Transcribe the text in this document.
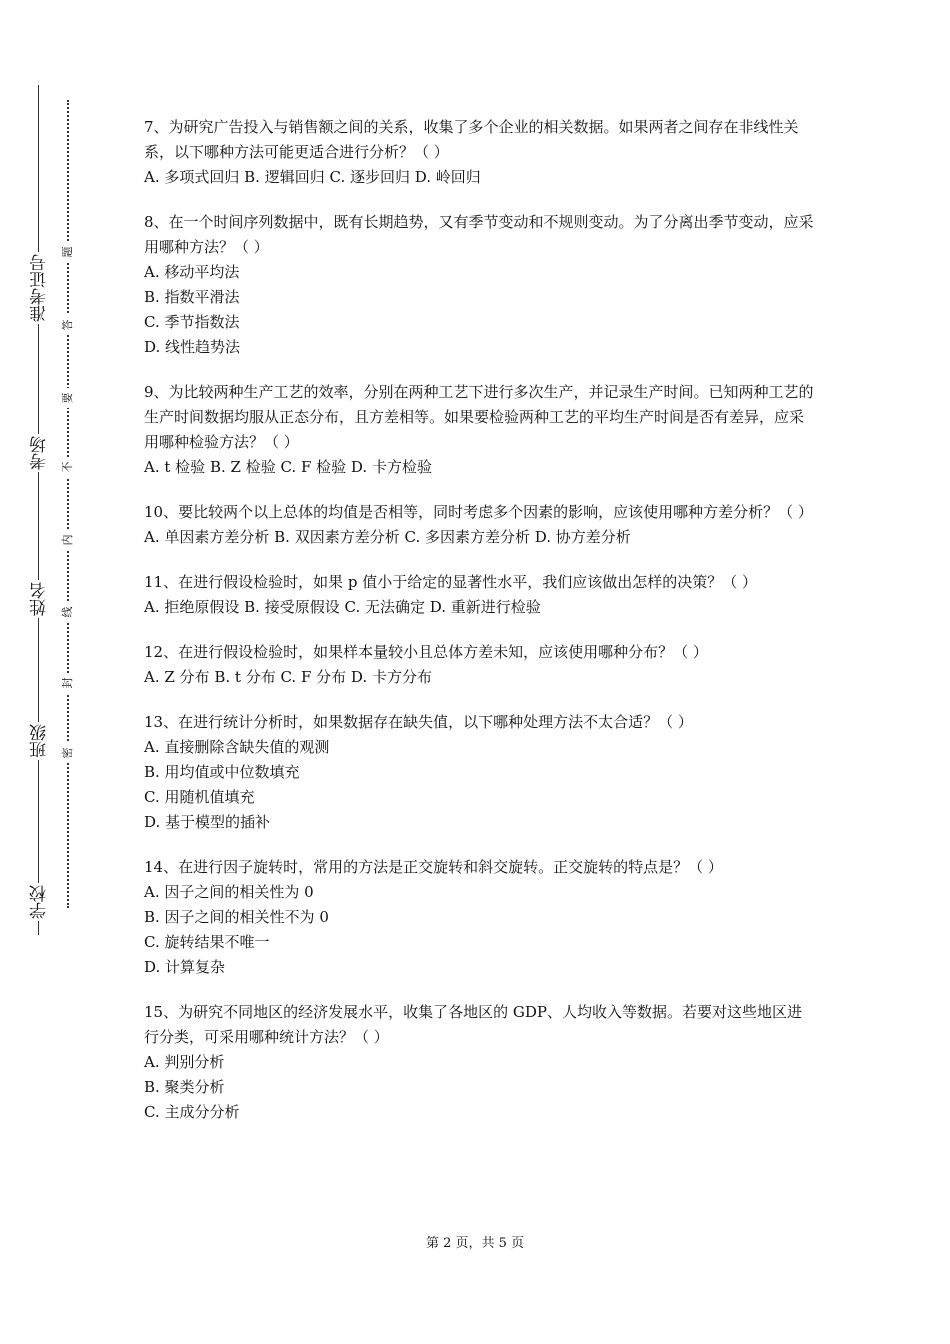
准考证号
考场
姓名
班级
学校
题
答
要
不
内
线
封
密

7、为研究广告投入与销售额之间的关系，收集了多个企业的相关数据。如果两者之间存在非线性关系，以下哪种方法可能更适合进行分析？（ ）

A. 多项式回归 B. 逻辑回归 C. 逐步回归 D. 岭回归

8、在一个时间序列数据中，既有长期趋势，又有季节变动和不规则变动。为了分离出季节变动，应采用哪种方法？（ ）

A. 移动平均法

B. 指数平滑法

C. 季节指数法

D. 线性趋势法

9、为比较两种生产工艺的效率，分别在两种工艺下进行多次生产，并记录生产时间。已知两种工艺的生产时间数据均服从正态分布，且方差相等。如果要检验两种工艺的平均生产时间是否有差异，应采用哪种检验方法？（ ）

A. t 检验 B. Z 检验 C. F 检验 D. 卡方检验

10、要比较两个以上总体的均值是否相等，同时考虑多个因素的影响，应该使用哪种方差分析？（ ）

A. 单因素方差分析 B. 双因素方差分析 C. 多因素方差分析 D. 协方差分析

11、在进行假设检验时，如果 p 值小于给定的显著性水平，我们应该做出怎样的决策？（ ）

A. 拒绝原假设 B. 接受原假设 C. 无法确定 D. 重新进行检验

12、在进行假设检验时，如果样本量较小且总体方差未知，应该使用哪种分布？（ ）

A. Z 分布 B. t 分布 C. F 分布 D. 卡方分布

13、在进行统计分析时，如果数据存在缺失值，以下哪种处理方法不太合适？（ ）

A. 直接删除含缺失值的观测

B. 用均值或中位数填充

C. 用随机值填充

D. 基于模型的插补

14、在进行因子旋转时，常用的方法是正交旋转和斜交旋转。正交旋转的特点是？（ ）

A. 因子之间的相关性为 0

B. 因子之间的相关性不为 0

C. 旋转结果不唯一

D. 计算复杂

15、为研究不同地区的经济发展水平，收集了各地区的 GDP、人均收入等数据。若要对这些地区进行分类，可采用哪种统计方法？（ ）

A. 判别分析

B. 聚类分析

C. 主成分分析

第 2 页，共 5 页
